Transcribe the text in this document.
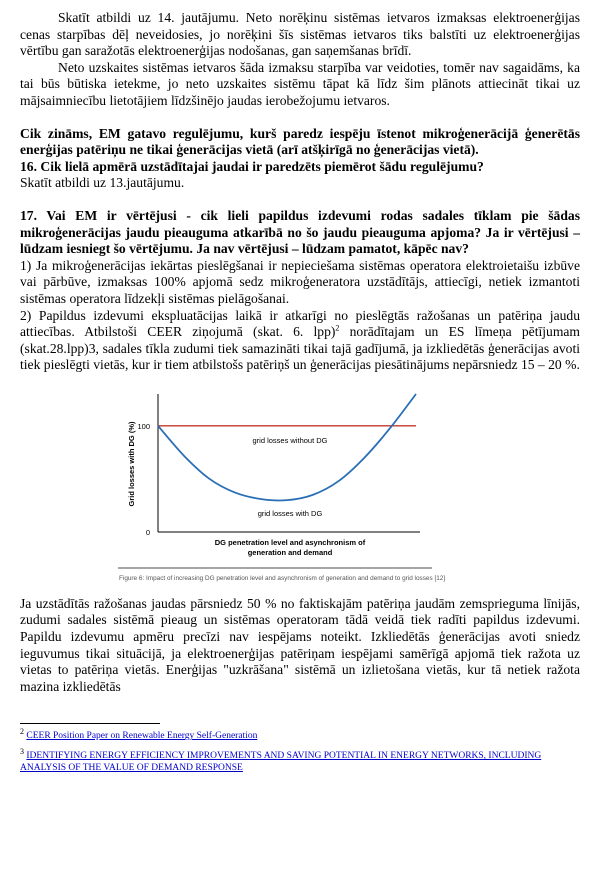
Skatīt atbildi uz 14. jautājumu. Neto norēķinu sistēmas ietvaros izmaksas elektroenerģijas cenas starpības dēļ neveidosies, jo norēķini šīs sistēmas ietvaros tiks balstīti uz elektroenerģijas vērtību gan saražotās elektroenerģijas nodošanas, gan saņemšanas brīdī.

Neto uzskaites sistēmas ietvaros šāda izmaksu starpība var veidoties, tomēr nav sagaidāms, ka tai būs būtiska ietekme, jo neto uzskaites sistēmu tāpat kā līdz šim plānots attiecināt tikai uz mājsaimniecību lietotājiem līdzšinējo jaudas ierobežojumu ietvaros.

Cik zināms, EM gatavo regulējumu, kurš paredz iespēju īstenot mikroģenerācijā ģenerētās enerģijas patēriņu ne tikai ģenerācijas vietā (arī atšķirīgā no ģenerācijas vietā).

16. Cik lielā apmērā uzstādītajai jaudai ir paredzēts piemērot šādu regulējumu?

Skatīt atbildi uz 13.jautājumu.

17. Vai EM ir vērtējusi - cik lieli papildus izdevumi rodas sadales tīklam pie šādas mikroģenerācijas jaudu pieauguma atkarībā no šo jaudu pieauguma apjoma? Ja ir vērtējusi – lūdzam iesniegt šo vērtējumu. Ja nav vērtējusi – lūdzam pamatot, kāpēc nav?

1) Ja mikroģenerācijas iekārtas pieslēgšanai ir nepieciešama sistēmas operatora elektroietaišu izbūve vai pārbūve, izmaksas 100% apjomā sedz mikroģeneratora uzstādītājs, attiecīgi, netiek izmantoti sistēmas operatora līdzekļi sistēmas pielāgošanai.

2) Papildus izdevumi ekspluatācijas laikā ir atkarīgi no pieslēgtās ražošanas un patēriņa jaudu attiecības. Atbilstoši CEER ziņojumā (skat. 6. lpp)$^2$ norādītajam un ES līmeņa pētījumam (skat.28.lpp)3, sadales tīkla zudumi tiek samazināti tikai tajā gadījumā, ja izkliedētās ģenerācijas avoti tiek pieslēgti vietās, kur ir tiem atbilstošs patēriņš un ģenerācijas piesātinājums nepārsniedz 15 – 20 %.

Grid losses with DG (%) 100
0
grid losses without DG
grid losses with DG
DG penetration level and asynchronism of
generation and demand
Figure 6: Impact of increasing DG penetration level and asynchronism of generation and demand to grid losses [12]

Ja uzstādītās ražošanas jaudas pārsniedz 50 % no faktiskajām patēriņa jaudām zemsprieguma līnijās, zudumi sadales sistēmā pieaug un sistēmas operatoram tādā veidā tiek radīti papildus izdevumi. Papildu izdevumu apmēru precīzi nav iespējams noteikt. Izkliedētās ģenerācijas avoti sniedz ieguvumus tikai situācijā, ja elektroenerģijas patēriņam iespējami samērīgā apjomā tiek ražota uz vietas to patēriņa vietās. Enerģijas "uzkrāšana" sistēmā un izlietošana vietās, kur tā netiek ražota mazina izkliedētās

$^2$ CEER Position Paper on Renewable Energy Self-Generation

$^3$ IDENTIFYING ENERGY EFFICIENCY IMPROVEMENTS AND SAVING POTENTIAL IN ENERGY NETWORKS, INCLUDING ANALYSIS OF THE VALUE OF DEMAND RESPONSE
